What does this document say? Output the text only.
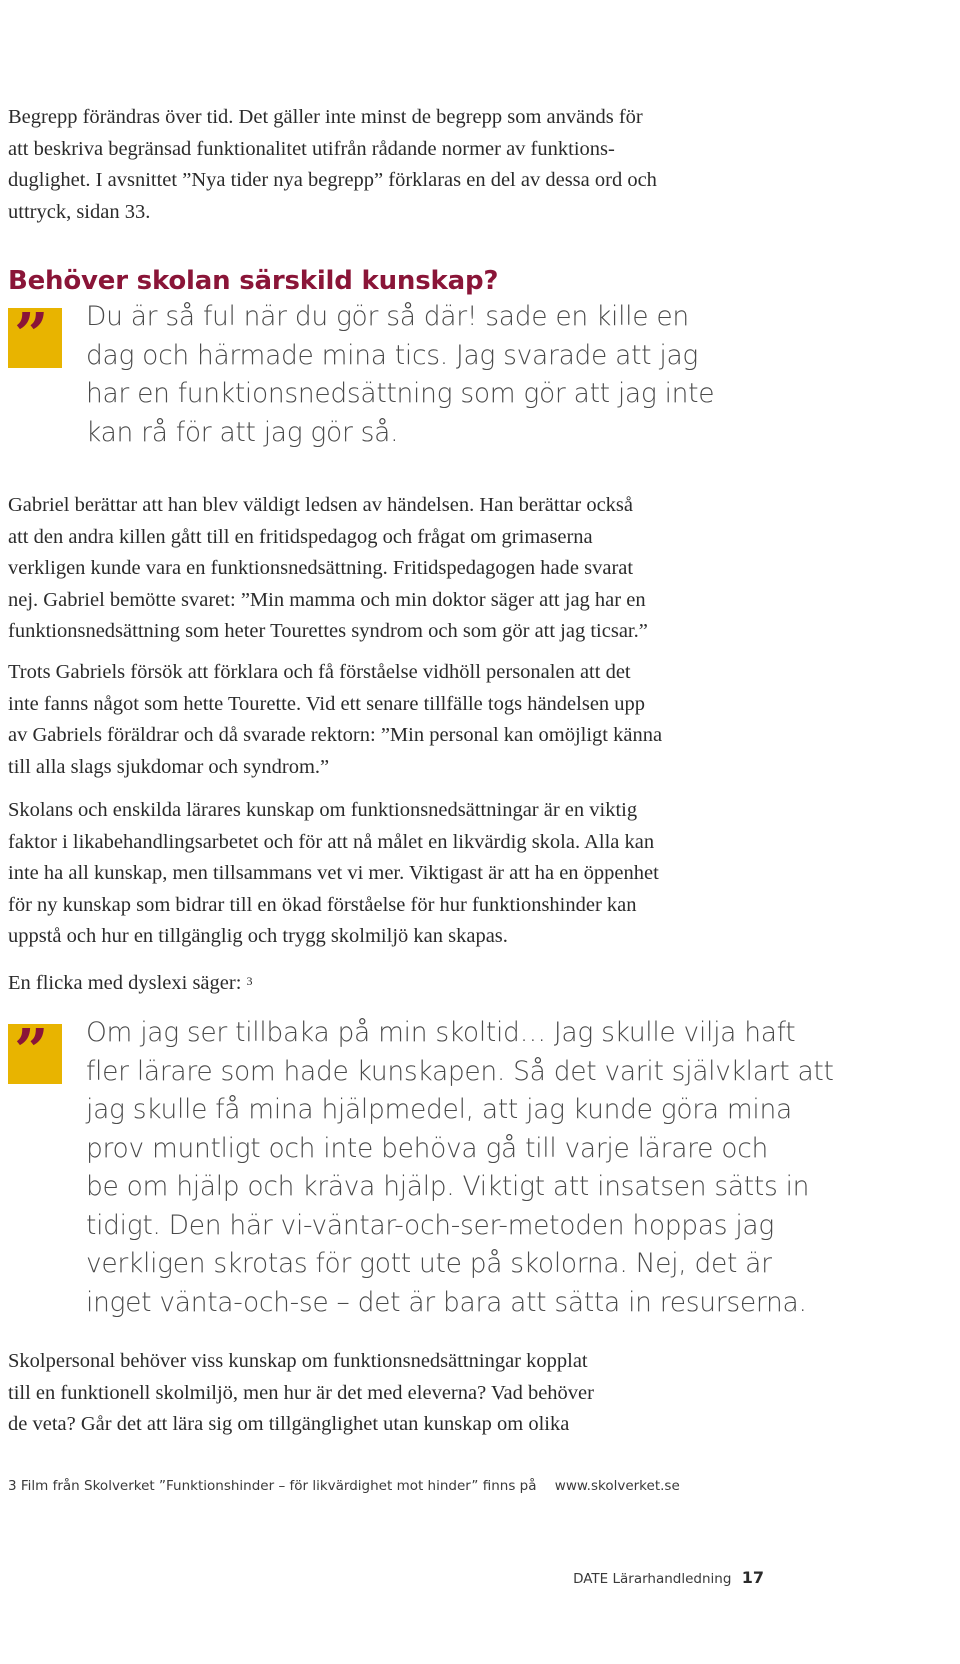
Begrepp förändras över tid. Det gäller inte minst de begrepp som används för
att beskriva begränsad funktionalitet utifrån rådande normer av funktions-
duglighet. I avsnittet ”Nya tider nya begrepp” förklaras en del av dessa ord och
uttryck, sidan 33.

Behöver skolan särskild kunskap?
” Du är så ful när du gör så där! sade en kille en
dag och härmade mina tics. Jag svarade att jag
har en funktionsnedsättning som gör att jag inte
kan rå för att jag gör så.

Gabriel berättar att han blev väldigt ledsen av händelsen. Han berättar också
att den andra killen gått till en fritidspedagog och frågat om grimaserna
verkligen kunde vara en funktionsnedsättning. Fritidspedagogen hade svarat
nej. Gabriel bemötte svaret: ”Min mamma och min doktor säger att jag har en
funktionsnedsättning som heter Tourettes syndrom och som gör att jag ticsar.”

Trots Gabriels försök att förklara och få förståelse vidhöll personalen att det
inte fanns något som hette Tourette. Vid ett senare tillfälle togs händelsen upp
av Gabriels föräldrar och då svarade rektorn: ”Min personal kan omöjligt känna
till alla slags sjukdomar och syndrom.”

Skolans och enskilda lärares kunskap om funktionsnedsättningar är en viktig
faktor i likabehandlingsarbetet och för att nå målet en likvärdig skola. Alla kan
inte ha all kunskap, men tillsammans vet vi mer. Viktigast är att ha en öppenhet
för ny kunskap som bidrar till en ökad förståelse för hur funktionshinder kan
uppstå och hur en tillgänglig och trygg skolmiljö kan skapas.

En flicka med dyslexi säger: $^3$

” Om jag ser tillbaka på min skoltid… Jag skulle vilja haft
fler lärare som hade kunskapen. Så det varit självklart att
jag skulle få mina hjälpmedel, att jag kunde göra mina
prov muntligt och inte behöva gå till varje lärare och
be om hjälp och kräva hjälp. Viktigt att insatsen sätts in
tidigt. Den här vi-väntar-och-ser-metoden hoppas jag
verkligen skrotas för gott ute på skolorna. Nej, det är
inget vänta-och-se – det är bara att sätta in resurserna.

Skolpersonal behöver viss kunskap om funktionsnedsättningar kopplat
till en funktionell skolmiljö, men hur är det med eleverna? Vad behöver
de veta? Går det att lära sig om tillgänglighet utan kunskap om olika

3 Film från Skolverket ”Funktionshinder – för likvärdighet mot hinder” finns på www.skolverket.se

DATE Lärarhandledning 17
